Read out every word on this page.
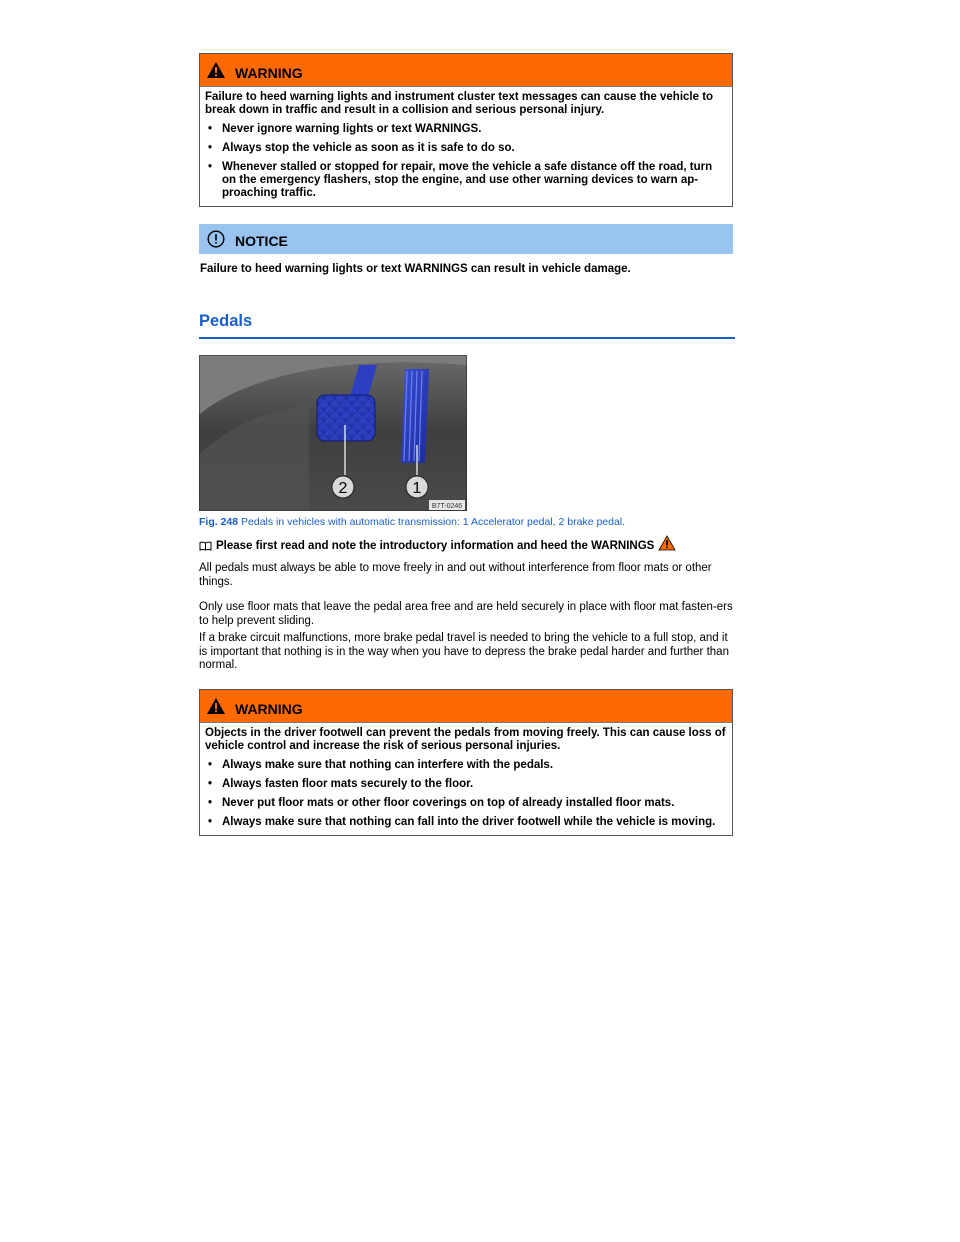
WARNING

Failure to heed warning lights and instrument cluster text messages can cause the vehicle to break down in traffic and result in a collision and serious personal injury.

• Never ignore warning lights or text WARNINGS.
• Always stop the vehicle as soon as it is safe to do so.
• Whenever stalled or stopped for repair, move the vehicle a safe distance off the road, turn on the emergency flashers, stop the engine, and use other warning devices to warn ap-proaching traffic.
NOTICE
Failure to heed warning lights or text WARNINGS can result in vehicle damage.
Pedals
2	1
B7T-0246
Fig. 248 Pedals in vehicles with automatic transmission: 1 Accelerator pedal, 2 brake pedal.
Please first read and note the introductory information and heed the WARNINGS
All pedals must always be able to move freely in and out without interference from floor mats or other things.
Only use floor mats that leave the pedal area free and are held securely in place with floor mat fasten-ers to help prevent sliding.
If a brake circuit malfunctions, more brake pedal travel is needed to bring the vehicle to a full stop, and it is important that nothing is in the way when you have to depress the brake pedal harder and further than normal.
WARNING

Objects in the driver footwell can prevent the pedals from moving freely. This can cause loss of vehicle control and increase the risk of serious personal injuries.

• Always make sure that nothing can interfere with the pedals.
• Always fasten floor mats securely to the floor.
• Never put floor mats or other floor coverings on top of already installed floor mats.
• Always make sure that nothing can fall into the driver footwell while the vehicle is moving.
